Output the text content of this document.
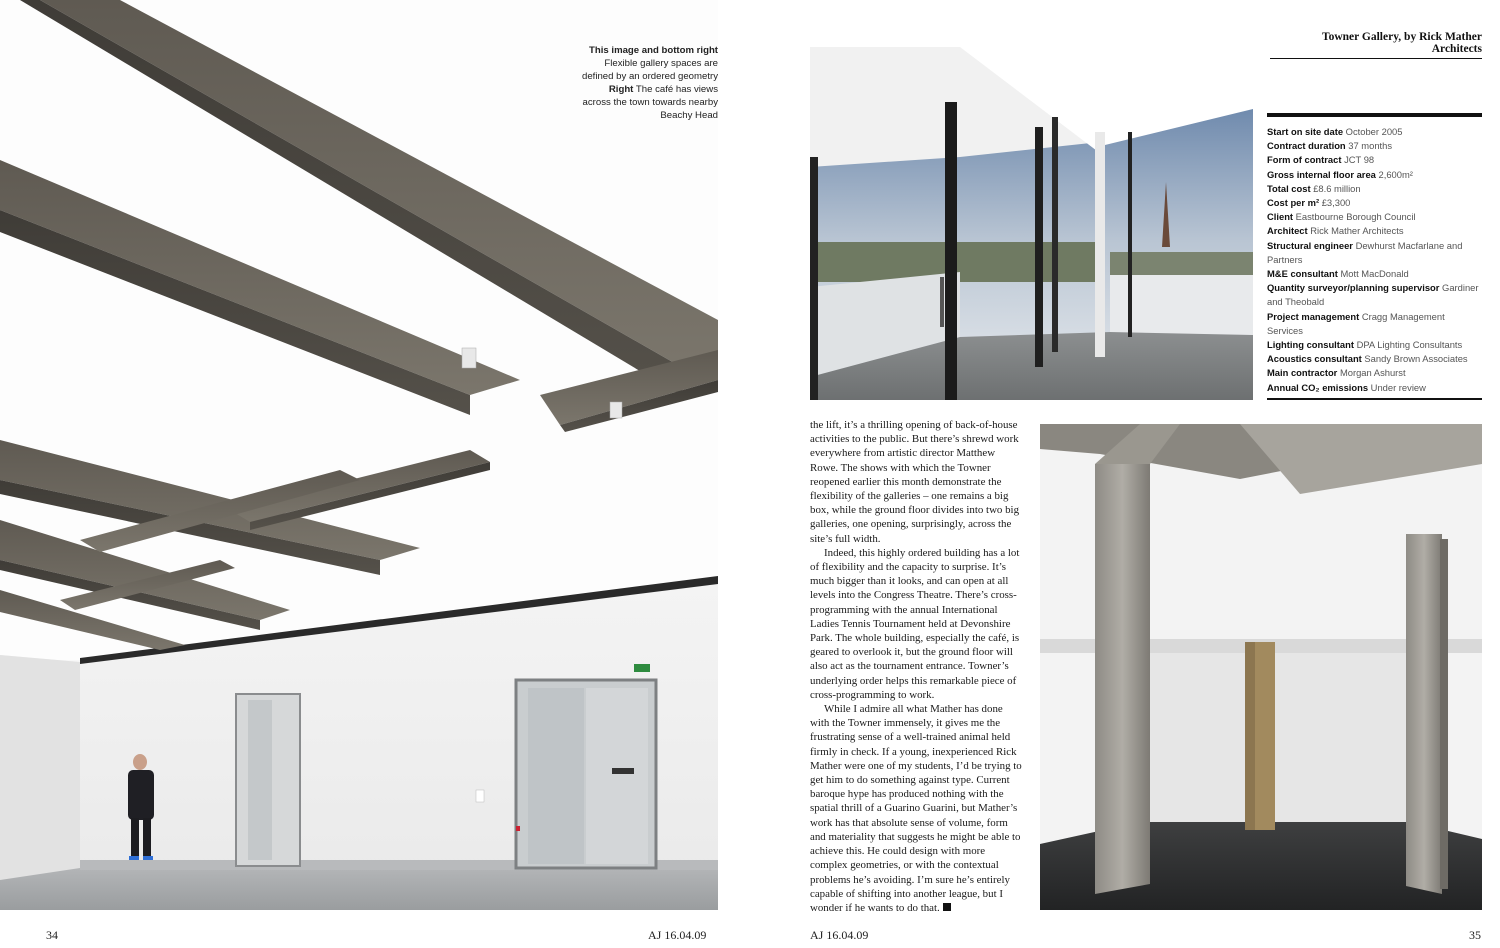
This image and bottom right Flexible gallery spaces are defined by an ordered geometry Right The café has views across the town towards nearby Beachy Head
34	AJ 16.04.09
Towner Gallery, by Rick Mather Architects
Start on site date October 2005
Contract duration 37 months
Form of contract JCT 98
Gross internal floor area 2,600m²
Total cost £8.6 million
Cost per m² £3,300
Client Eastbourne Borough Council
Architect Rick Mather Architects
Structural engineer Dewhurst Macfarlane and Partners
M&E consultant Mott MacDonald
Quantity surveyor/planning supervisor Gardiner and Theobald
Project management Cragg Management Services
Lighting consultant DPA Lighting Consultants
Acoustics consultant Sandy Brown Associates
Main contractor Morgan Ashurst
Annual CO₂ emissions Under review

the lift, it’s a thrilling opening of back-of-house activities to the public. But there’s shrewd work everywhere from artistic director Matthew Rowe. The shows with which the Towner reopened earlier this month demonstrate the flexibility of the galleries – one remains a big box, while the ground floor divides into two big galleries, one opening, surprisingly, across the site’s full width.

Indeed, this highly ordered building has a lot of flexibility and the capacity to surprise. It’s much bigger than it looks, and can open at all levels into the Congress Theatre. There’s cross-programming with the annual International Ladies Tennis Tournament held at Devonshire Park. The whole building, especially the café, is geared to overlook it, but the ground floor will also act as the tournament entrance. Towner’s underlying order helps this remarkable piece of cross-programming to work.

While I admire all what Mather has done with the Towner immensely, it gives me the frustrating sense of a well-trained animal held firmly in check. If a young, inexperienced Rick Mather were one of my students, I’d be trying to get him to do something against type. Current baroque hype has produced nothing with the spatial thrill of a Guarino Guarini, but Mather’s work has that absolute sense of volume, form and materiality that suggests he might be able to achieve this. He could design with more complex geometries, or with the contextual problems he’s avoiding. I’m sure he’s entirely capable of shifting into another league, but I wonder if he wants to do that.

AJ 16.04.09	35
